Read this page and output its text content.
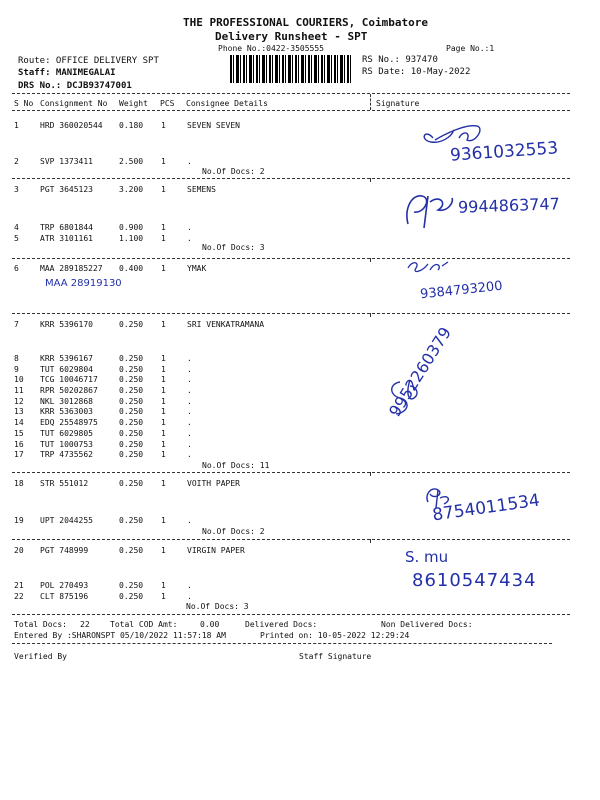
THE PROFESSIONAL COURIERS, Coimbatore
Delivery Runsheet - SPT
Phone No.:0422-3505555	Page No.:1
Route: OFFICE DELIVERY SPT
Staff: MANIMEGALAI
DRS No.: DCJB93747001
RS No.: 937470
RS Date: 10-May-2022
S No Consignment No Weight PCS Consignee Details	Signature
1	HRD 360020544 0.180 1	SEVEN SEVEN
2	SVP 1373411	2.500 1	.
3	PGT 3645123	3.200 1	SEMENS
4	TRP 6801844	0.900 1	.
5	ATR 3101161	1.100 1	.
6	MAA 289185227 0.400 1	YMAK
7	KRR 5396170	0.250 1	SRI VENKATRAMANA
8	KRR 5396167	0.250 1	.
9	TUT 6029804	0.250 1	.
10 TCG 10046717	0.250 1	.
11 RPR 50202867	0.250 1	.
12 NKL 3012868	0.250 1	.
13 KRR 5363003	0.250 1	.
14 EDQ 25548975	0.250 1	.
15 TUT 6029805	0.250 1	.
16 TUT 1000753	0.250 1	.
17 TRP 4735562	0.250 1	.
18 STR 551012	0.250 1	VOITH PAPER
19 UPT 2044255	0.250 1	.
20 PGT 748999	0.250 1	VIRGIN PAPER
21 POL 270493	0.250 1	.
22 CLT 875196	0.250 1	.
No.Of Docs: 2
No.Of Docs: 3
No.Of Docs: 11
No.Of Docs: 2
No.Of Docs: 3
9361032553
9944863747
MAA 28919130	9384793200
9952260379
8754011534
S. mu
8610547434
Total Docs: 22	Total COD Amt:	0.00	Delivered Docs:	Non Delivered Docs:
Entered By :SHARONSPT 05/10/2022 11:57:18 AM	Printed on: 10-05-2022 12:29:24
Verified By	Staff Signature
